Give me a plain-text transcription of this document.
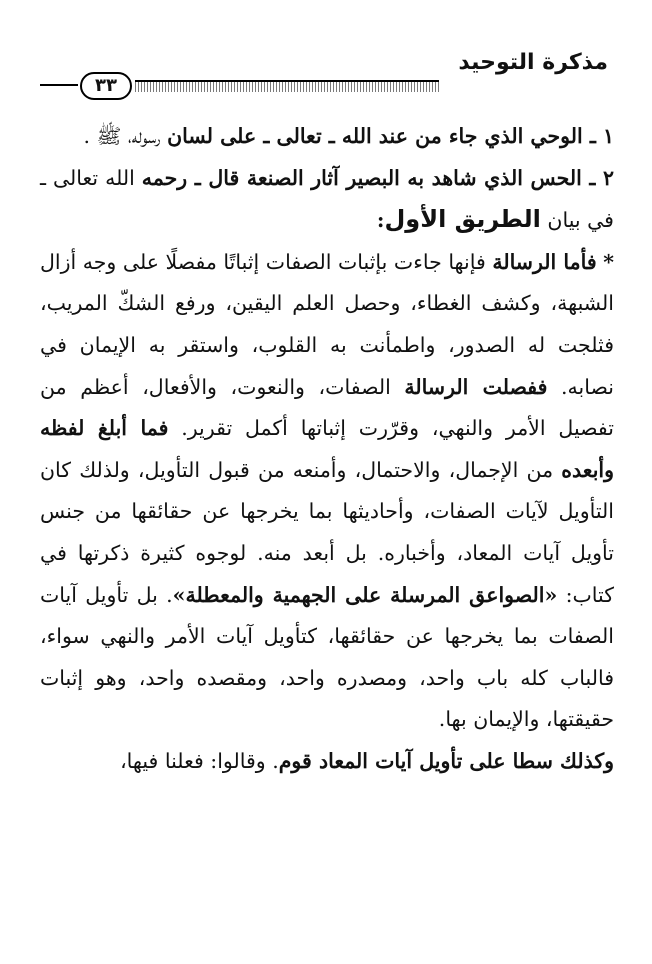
مذكرة التوحيد
٣٣

١ ـ الوحي الذي جاء من عند الله ـ تعالى ـ على لسان رسوله، ﷺ .

٢ ـ الحس الذي شاهد به البصير آثار الصنعة قال ـ رحمه الله تعالى ـ في بيان الطريق الأول:

* فأما الرسالة فإنها جاءت بإثبات الصفات إثباتًا مفصلًا على وجه أزال الشبهة، وكشف الغطاء، وحصل العلم اليقين، ورفع الشكّ المريب، فثلجت له الصدور، واطمأنت به القلوب، واستقر به الإيمان في نصابه. ففصلت الرسالة الصفات، والنعوت، والأفعال، أعظم من تفصيل الأمر والنهي، وقرّرت إثباتها أكمل تقرير. فما أبلغ لفظه وأبعده من الإجمال، والاحتمال، وأمنعه من قبول التأويل، ولذلك كان التأويل لآيات الصفات، وأحاديثها بما يخرجها عن حقائقها من جنس تأويل آيات المعاد، وأخباره. بل أبعد منه. لوجوه كثيرة ذكرتها في كتاب: «الصواعق المرسلة على الجهمية والمعطلة». بل تأويل آيات الصفات بما يخرجها عن حقائقها، كتأويل آيات الأمر والنهي سواء، فالباب كله باب واحد، ومصدره واحد، ومقصده واحد، وهو إثبات حقيقتها، والإيمان بها.

وكذلك سطا على تأويل آيات المعاد قوم. وقالوا: فعلنا فيها،
